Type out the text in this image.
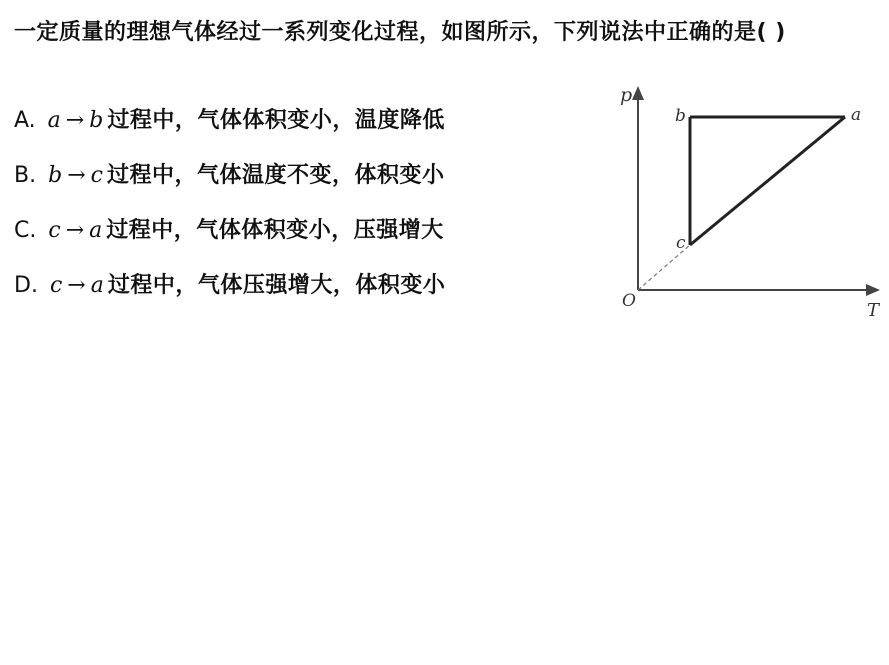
一定质量的理想气体经过一系列变化过程，如图所示，下列说法中正确的是( )
A. a → b 过程中，气体体积变小，温度降低
B. b → c 过程中，气体温度不变，体积变小
C. c → a 过程中，气体体积变小，压强增大
D. c → a 过程中，气体压强增大，体积变小
p
T
O
a
b
c
